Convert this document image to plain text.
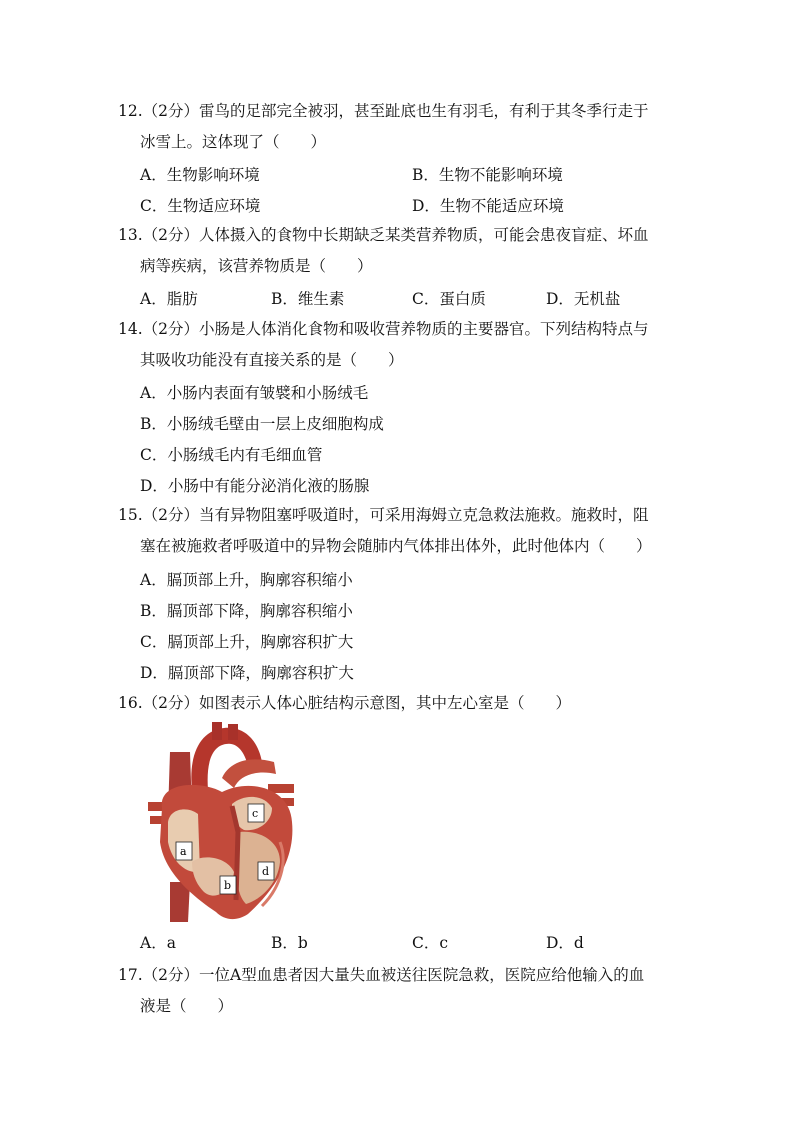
12.（2分）雷鸟的足部完全被羽，甚至趾底也生有羽毛，有利于其冬季行走于
冰雪上。这体现了（　　）
A．生物影响环境	B．生物不能影响环境
C．生物适应环境	D．生物不能适应环境
13.（2分）人体摄入的食物中长期缺乏某类营养物质，可能会患夜盲症、坏血
病等疾病，该营养物质是（　　）
A．脂肪	B．维生素	C．蛋白质	D．无机盐
14.（2分）小肠是人体消化食物和吸收营养物质的主要器官。下列结构特点与
其吸收功能没有直接关系的是（　　）
A．小肠内表面有皱襞和小肠绒毛
B．小肠绒毛壁由一层上皮细胞构成
C．小肠绒毛内有毛细血管
D．小肠中有能分泌消化液的肠腺
15.（2分）当有异物阻塞呼吸道时，可采用海姆立克急救法施救。施救时，阻
塞在被施救者呼吸道中的异物会随肺内气体排出体外，此时他体内（　　）
A．膈顶部上升，胸廓容积缩小
B．膈顶部下降，胸廓容积缩小
C．膈顶部上升，胸廓容积扩大
D．膈顶部下降，胸廓容积扩大
16.（2分）如图表示人体心脏结构示意图，其中左心室是（　　）
a
b
c
d
A．a	B．b	C．c	D．d
17.（2分）一位A型血患者因大量失血被送往医院急救，医院应给他输入的血
液是（　　）
